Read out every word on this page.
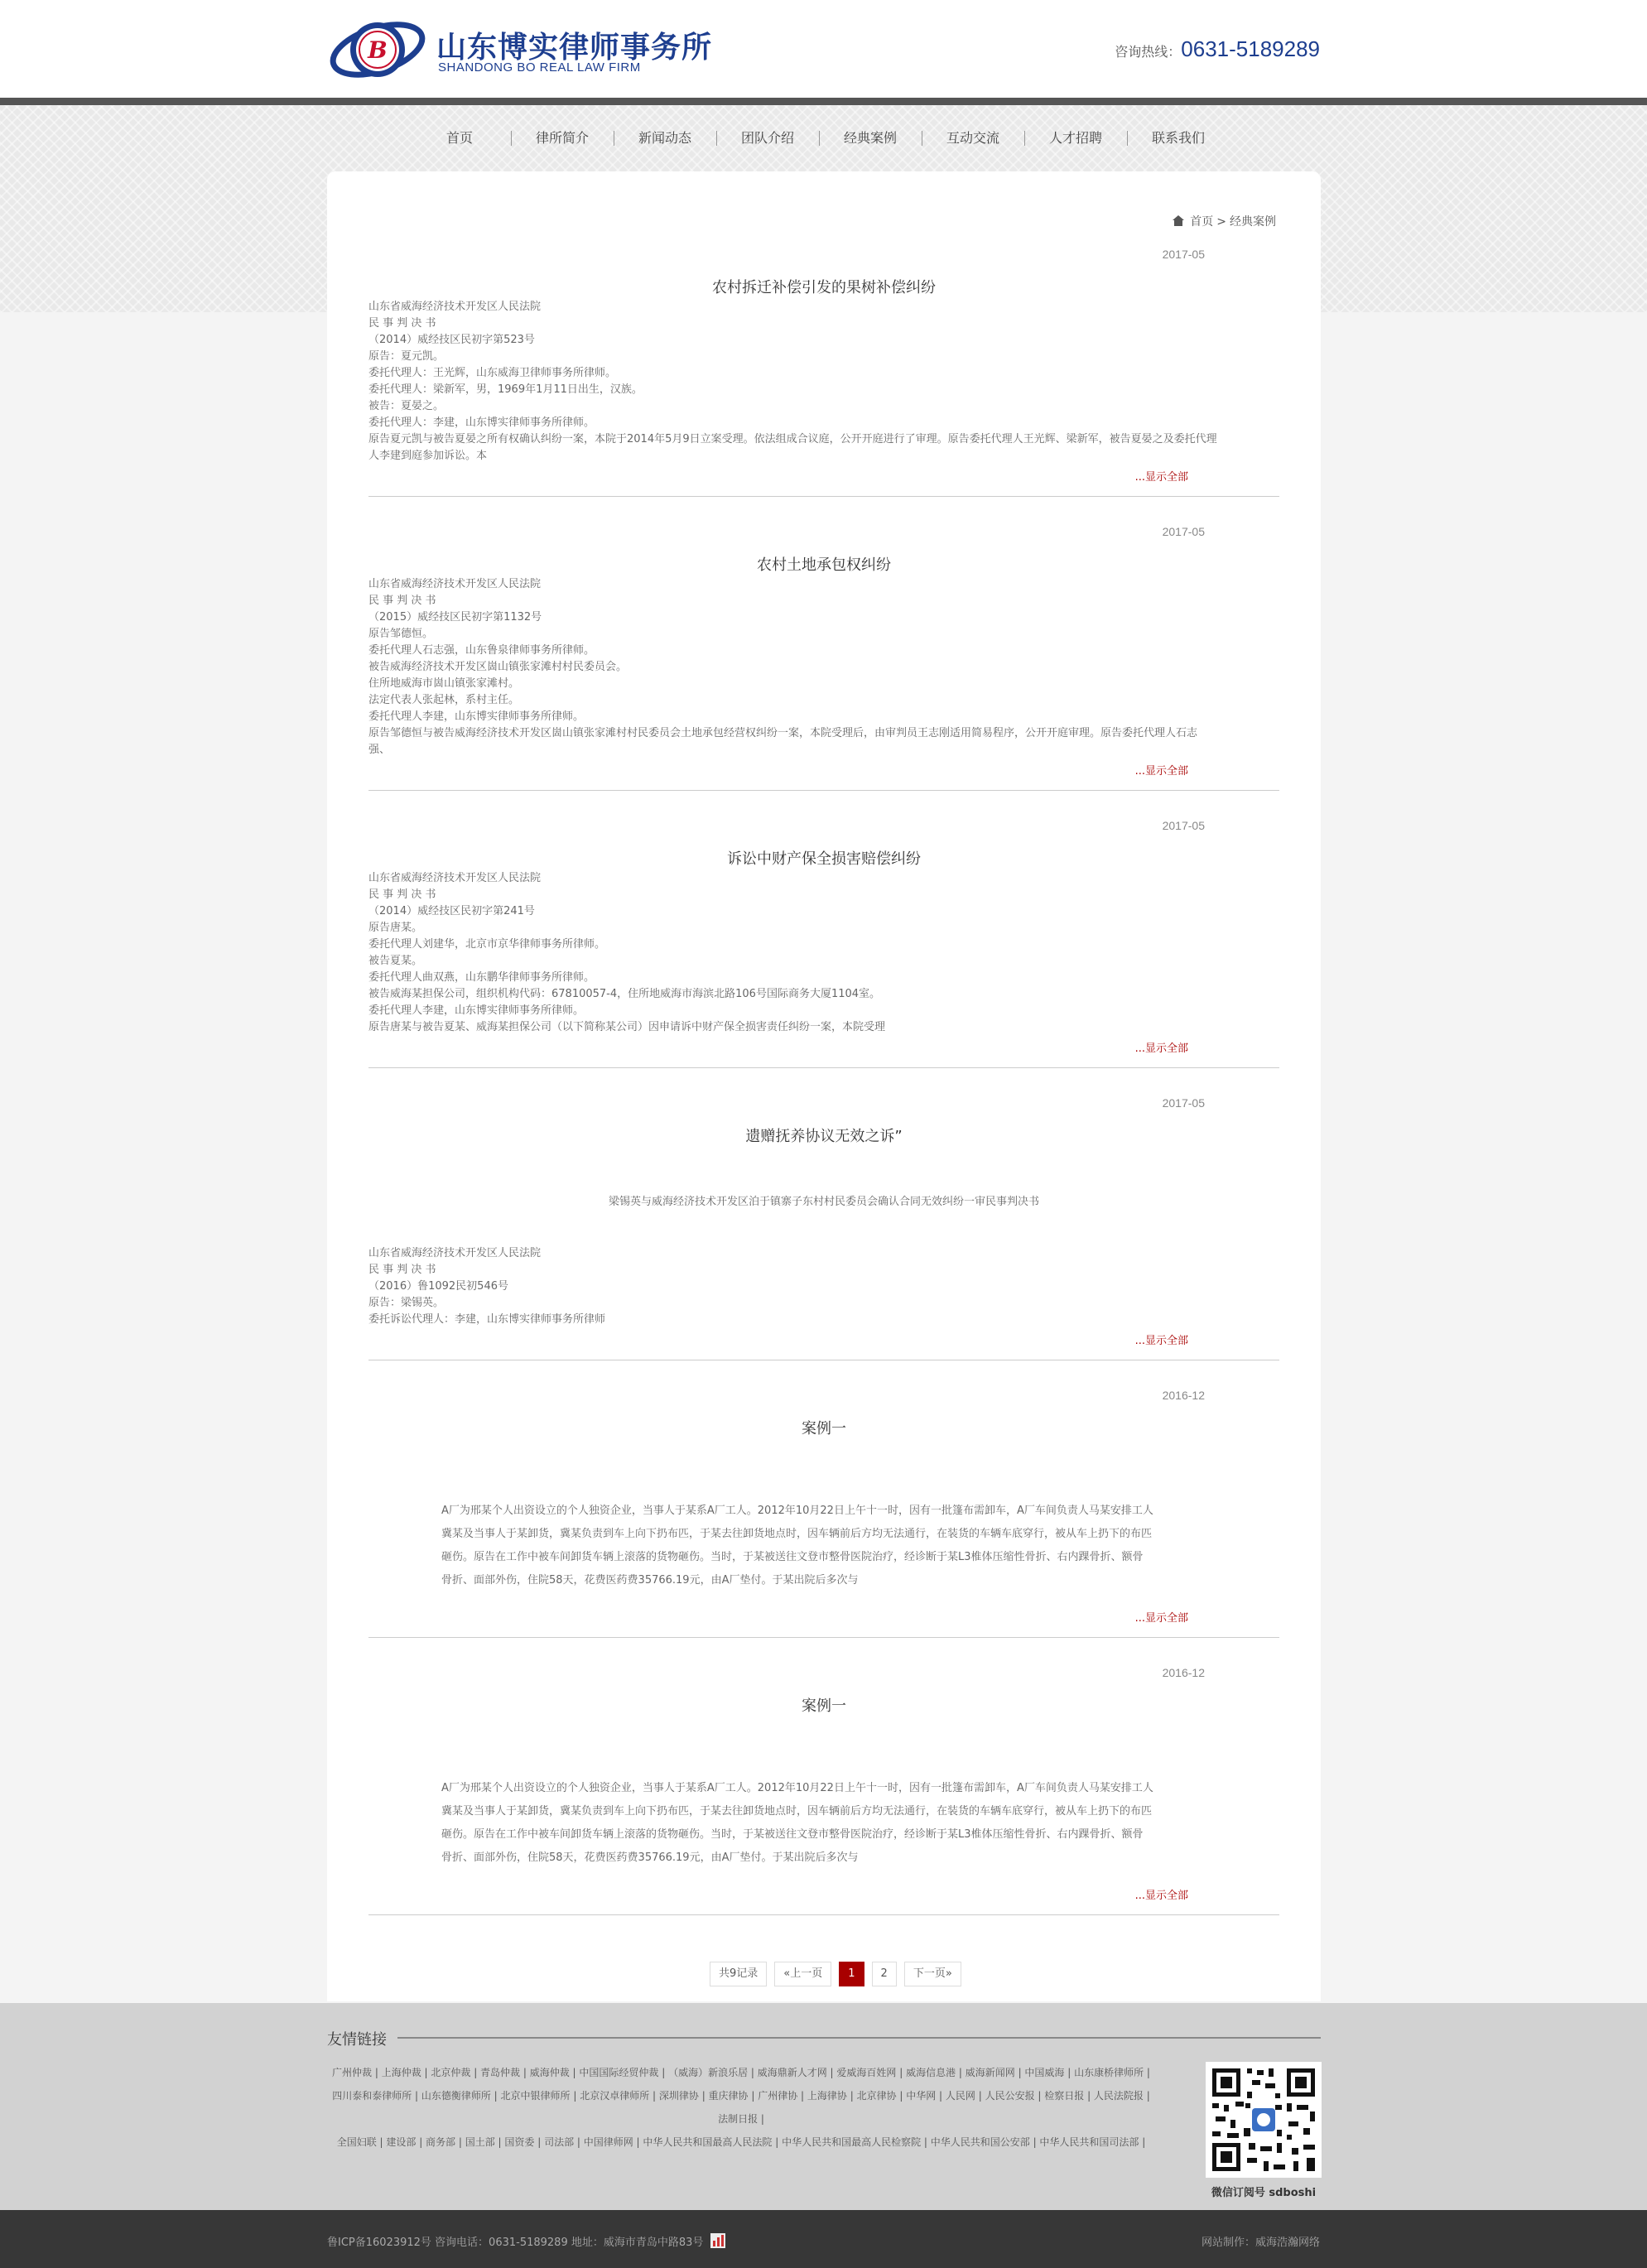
B 山东博实律师事务所
SHANDONG BO REAL LAW FIRM
咨询热线：0631-5189289
首页	律所简介	新闻动态	团队介绍	经典案例	互动交流	人才招聘	联系我们
首页 > 经典案例
2017-05
农村拆迁补偿引发的果树补偿纠纷
山东省威海经济技术开发区人民法院
民 事 判 决 书
（2014）威经技区民初字第523号
原告：夏元凯。
委托代理人：王光辉，山东威海卫律师事务所律师。
委托代理人：梁新军，男，1969年1月11日出生，汉族。
被告：夏晏之。
委托代理人：李建，山东博实律师事务所律师。
原告夏元凯与被告夏晏之所有权确认纠纷一案，本院于2014年5月9日立案受理。依法组成合议庭，公开开庭进行了审理。原告委托代理人王光辉、梁新军，被告夏晏之及委托代理
人李建到庭参加诉讼。本
...显示全部
2017-05
农村土地承包权纠纷
山东省威海经济技术开发区人民法院
民 事 判 决 书
（2015）威经技区民初字第1132号
原告邹德恒。
委托代理人石志强，山东鲁泉律师事务所律师。
被告威海经济技术开发区崮山镇张家滩村村民委员会。
住所地威海市崮山镇张家滩村。
法定代表人张起林，系村主任。
委托代理人李建，山东博实律师事务所律师。
原告邹德恒与被告威海经济技术开发区崮山镇张家滩村村民委员会土地承包经营权纠纷一案，本院受理后，由审判员王志刚适用简易程序，公开开庭审理。原告委托代理人石志
强、
...显示全部
2017-05
诉讼中财产保全损害赔偿纠纷
山东省威海经济技术开发区人民法院
民 事 判 决 书
（2014）威经技区民初字第241号
原告唐某。
委托代理人刘建华，北京市京华律师事务所律师。
被告夏某。
委托代理人曲双燕，山东鹏华律师事务所律师。
被告威海某担保公司，组织机构代码：67810057-4，住所地威海市海滨北路106号国际商务大厦1104室。
委托代理人李建，山东博实律师事务所律师。
原告唐某与被告夏某、威海某担保公司（以下简称某公司）因申请诉中财产保全损害责任纠纷一案，本院受理
...显示全部
2017-05
遗赠抚养协议无效之诉”
梁锡英与威海经济技术开发区泊于镇寨子东村村民委员会确认合同无效纠纷一审民事判决书
山东省威海经济技术开发区人民法院
民 事 判 决 书
（2016）鲁1092民初546号
原告：梁锡英。
委托诉讼代理人：李建，山东博实律师事务所律师
...显示全部
2016-12
案例一
A厂为邢某个人出资设立的个人独资企业，当事人于某系A厂工人。2012年10月22日上午十一时，因有一批篷布需卸车，A厂车间负责人马某安排工人
冀某及当事人于某卸货，冀某负责到车上向下扔布匹，于某去往卸货地点时，因车辆前后方均无法通行，在装货的车辆车底穿行，被从车上扔下的布匹
砸伤。原告在工作中被车间卸货车辆上滚落的货物砸伤。当时，于某被送往文登市整骨医院治疗，经诊断于某L3椎体压缩性骨折、右内踝骨折、额骨
骨折、面部外伤，住院58天，花费医药费35766.19元，由A厂垫付。于某出院后多次与
...显示全部
2016-12
案例一
A厂为邢某个人出资设立的个人独资企业，当事人于某系A厂工人。2012年10月22日上午十一时，因有一批篷布需卸车，A厂车间负责人马某安排工人
冀某及当事人于某卸货，冀某负责到车上向下扔布匹，于某去往卸货地点时，因车辆前后方均无法通行，在装货的车辆车底穿行，被从车上扔下的布匹
砸伤。原告在工作中被车间卸货车辆上滚落的货物砸伤。当时，于某被送往文登市整骨医院治疗，经诊断于某L3椎体压缩性骨折、右内踝骨折、额骨
骨折、面部外伤，住院58天，花费医药费35766.19元，由A厂垫付。于某出院后多次与
...显示全部
共9记录	«上一页	1	2	下一页»
友情链接
广州仲裁 | 上海仲裁 | 北京仲裁 | 青岛仲裁 | 威海仲裁 | 中国国际经贸仲裁 | （威海）新浪乐居 | 威海鼎新人才网 | 爱威海百姓网 | 威海信息港 | 威海新闻网 | 中国威海 | 山东康桥律师所 |
四川泰和泰律师所 | 山东德衡律师所 | 北京中银律师所 | 北京汉卓律师所 | 深圳律协 | 重庆律协 | 广州律协 | 上海律协 | 北京律协 | 中华网 | 人民网 | 人民公安报 | 检察日报 | 人民法院报 | 法制日报 |
全国妇联 | 建设部 | 商务部 | 国土部 | 国资委 | 司法部 | 中国律师网 | 中华人民共和国最高人民法院 | 中华人民共和国最高人民检察院 | 中华人民共和国公安部 | 中华人民共和国司法部 |
微信订阅号 sdboshi
鲁ICP备16023912号 咨询电话：0631-5189289 地址：威海市青岛中路83号	网站制作：威海浩瀚网络
